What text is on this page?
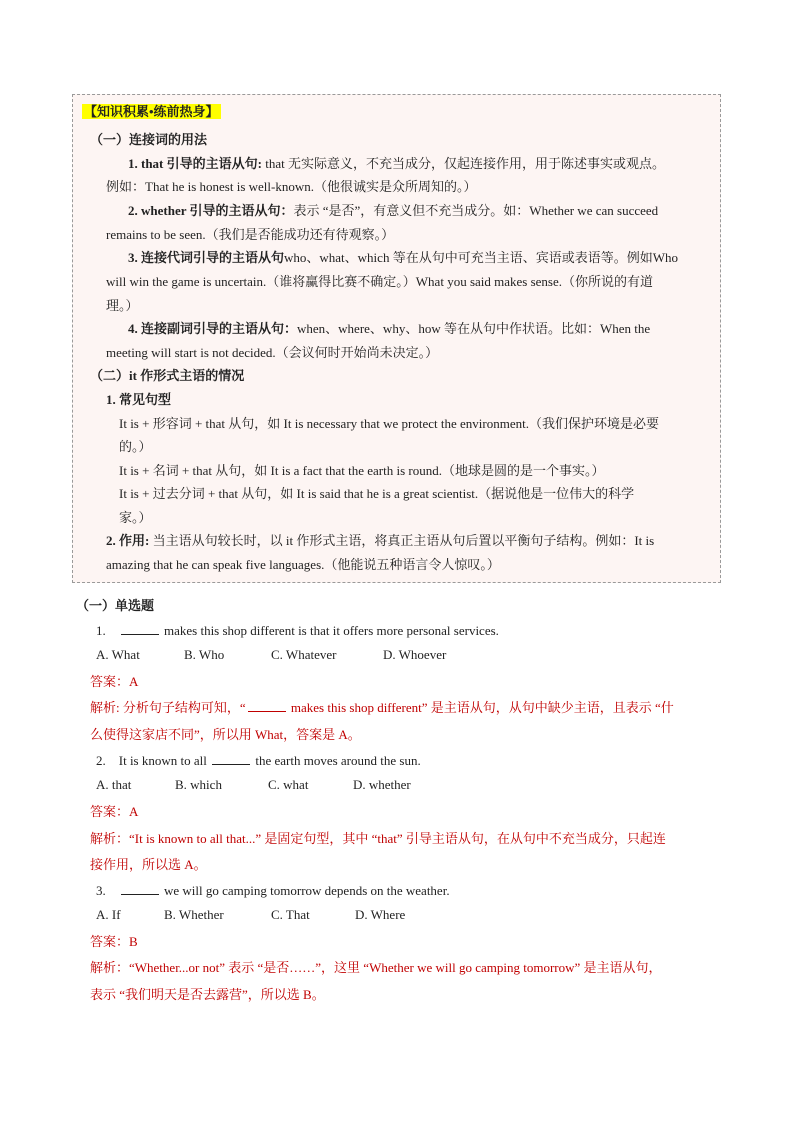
【知识积累•练前热身】
（一）连接词的用法
1. that 引导的主语从句: that 无实际意义，不充当成分，仅起连接作用，用于陈述事实或观点。
例如：That he is honest is well-known.（他很诚实是众所周知的。）
2. whether 引导的主语从句：表示 “是否”，有意义但不充当成分。如：Whether we can succeed
remains to be seen.（我们是否能成功还有待观察。）
3. 连接代词引导的主语从句who、what、which 等在从句中可充当主语、宾语或表语等。例如Who
will win the game is uncertain.（谁将赢得比赛不确定。）What you said makes sense.（你所说的有道
理。）
4. 连接副词引导的主语从句：when、where、why、how 等在从句中作状语。比如：When the
meeting will start is not decided.（会议何时开始尚未决定。）
（二）it 作形式主语的情况
1. 常见句型
It is + 形容词 + that 从句，如 It is necessary that we protect the environment.（我们保护环境是必要
的。）
It is + 名词 + that 从句，如 It is a fact that the earth is round.（地球是圆的是一个事实。）
It is + 过去分词 + that 从句，如 It is said that he is a great scientist.（据说他是一位伟大的科学
家。）
2. 作用: 当主语从句较长时，以 it 作形式主语，将真正主语从句后置以平衡句子结构。例如：It is
amazing that he can speak five languages.（他能说五种语言令人惊叹。）
（一）单选题
1.	makes this shop different is that it offers more personal services.
A. What	B. Who	C. Whatever	D. Whoever
答案：A
解析: 分析句子结构可知，“	makes this shop different” 是主语从句，从句中缺少主语，且表示 “什
么使得这家店不同”，所以用 What，答案是 A。
2. It is known to all	the earth moves around the sun.
A. that	B. which	C. what	D. whether
答案：A
解析：“It is known to all that...” 是固定句型，其中 “that” 引导主语从句，在从句中不充当成分，只起连
接作用，所以选 A。
3.	we will go camping tomorrow depends on the weather.
A. If	B. Whether	C. That	D. Where
答案：B
解析：“Whether...or not” 表示 “是否……”，这里 “Whether we will go camping tomorrow” 是主语从句，
表示 “我们明天是否去露营”，所以选 B。
